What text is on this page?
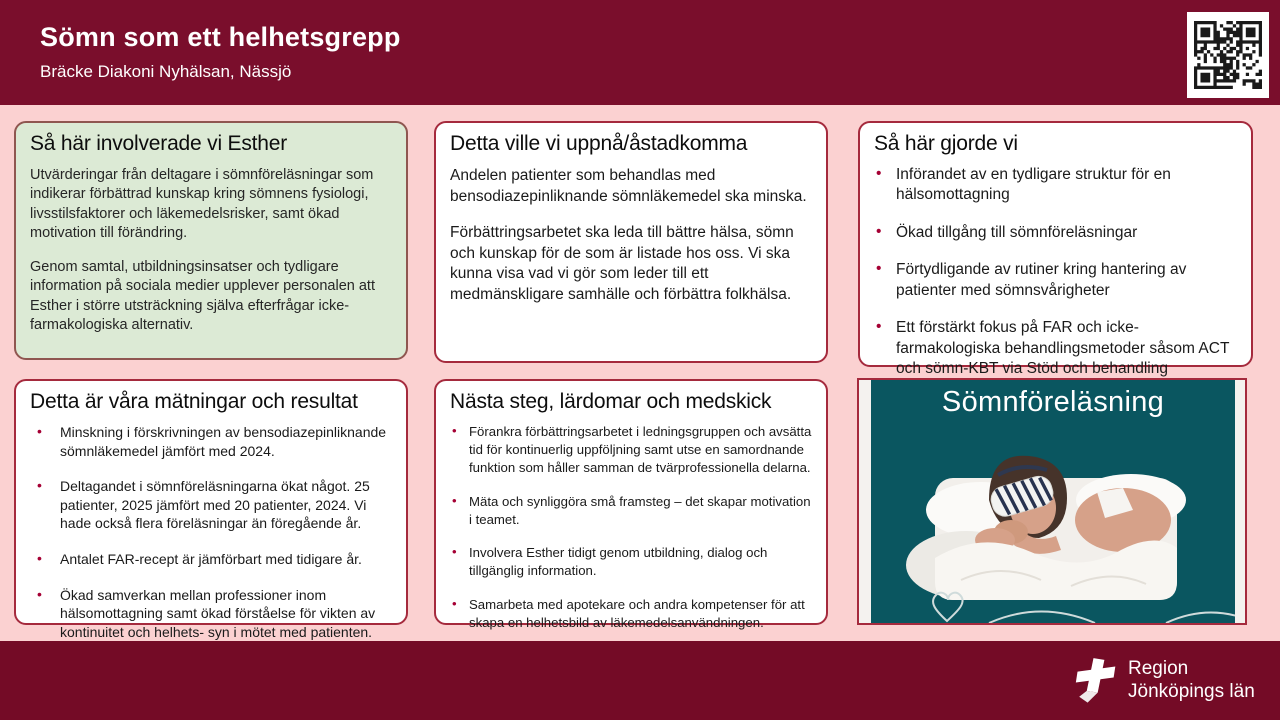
Sömn som ett helhetsgrepp
Bräcke Diakoni Nyhälsan, Nässjö
Så här involverade vi Esther

Utvärderingar från deltagare i sömnföreläsningar som indikerar förbättrad kunskap kring sömnens fysiologi, livsstilsfaktorer och läkemedelsrisker, samt ökad motivation till förändring.

Genom samtal, utbildningsinsatser och tydligare information på sociala medier upplever personalen att Esther i större utsträckning själva efterfrågar icke-farmakologiska alternativ.

Detta ville vi uppnå/åstadkomma

Andelen patienter som behandlas med bensodiazepinliknande sömnläkemedel ska minska.

Förbättringsarbetet ska leda till bättre hälsa, sömn och kunskap för de som är listade hos oss. Vi ska kunna visa vad vi gör som leder till ett medmänskligare samhälle och förbättra folkhälsa.

Så här gjorde vi
• Införandet av en tydligare struktur för en hälsomottagning
• Ökad tillgång till sömnföreläsningar
• Förtydligande av rutiner kring hantering av patienter med sömnsvårigheter
• Ett förstärkt fokus på FAR och icke-farmakologiska behandlingsmetoder såsom ACT och sömn-KBT via Stöd och behandling
Detta är våra mätningar och resultat
• Minskning i förskrivningen av bensodiazepinliknande sömnläkemedel jämfört med 2024.
• Deltagandet i sömnföreläsningarna ökat något. 25 patienter, 2025 jämfört med 20 patienter, 2024. Vi hade också flera föreläsningar än föregående år.
• Antalet FAR-recept är jämförbart med tidigare år.
• Ökad samverkan mellan professioner inom hälsomottagning samt ökad förståelse för vikten av kontinuitet och helhets- syn i mötet med patienten.
Nästa steg, lärdomar och medskick
• Förankra förbättringsarbetet i ledningsgruppen och avsätta tid för kontinuerlig uppföljning samt utse en samordnande funktion som håller samman de tvärprofessionella delarna.
• Mäta och synliggöra små framsteg – det skapar motivation i teamet.
• Involvera Esther tidigt genom utbildning, dialog och tillgänglig information.
• Samarbeta med apotekare och andra kompetenser för att skapa en helhetsbild av läkemedelsanvändningen.
Sömnföreläsning
Region
Jönköpings län
